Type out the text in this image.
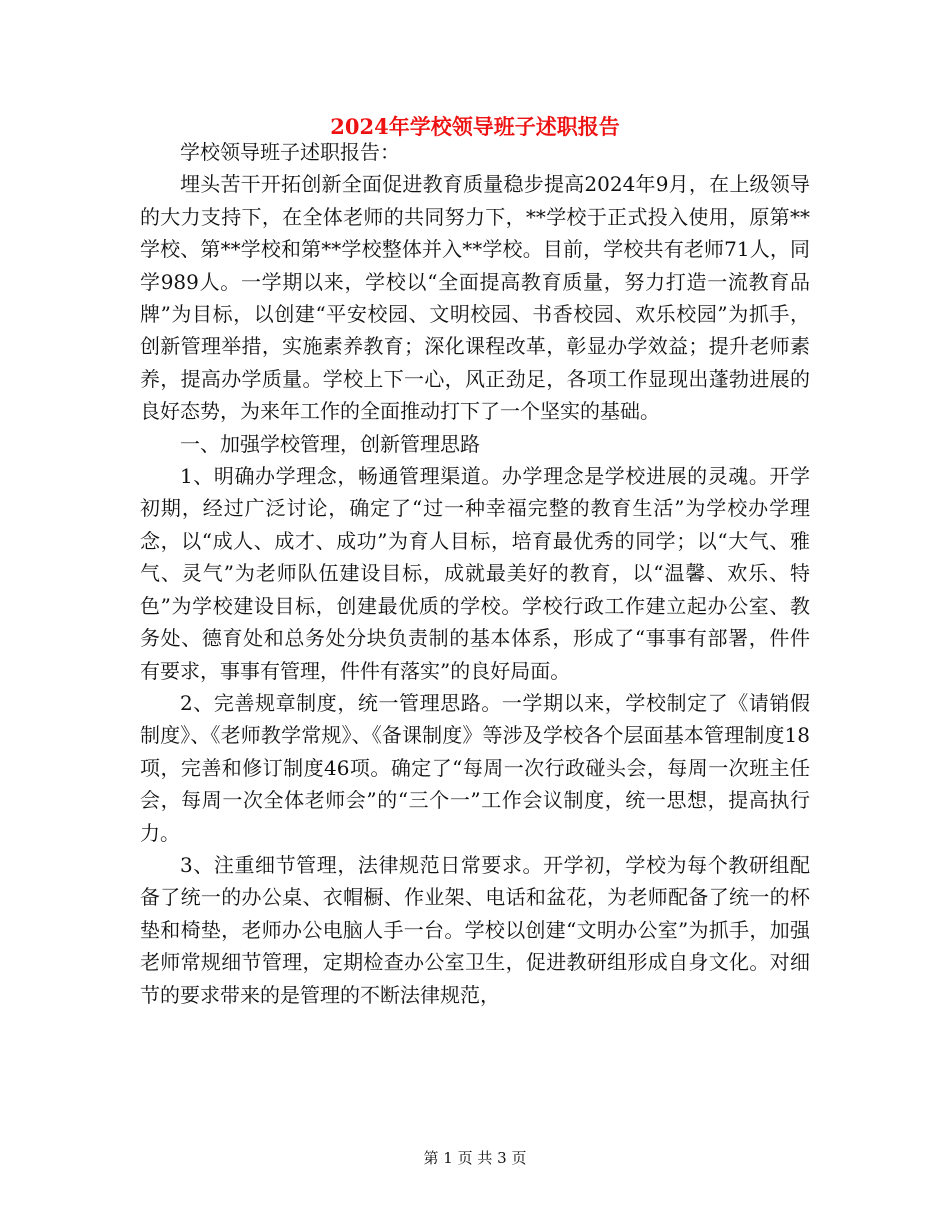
2024年学校领导班子述职报告

学校领导班子述职报告：

埋头苦干开拓创新全面促进教育质量稳步提高2024年9月，在上级领导的大力支持下，在全体老师的共同努力下，**学校于正式投入使用，原第**学校、第**学校和第**学校整体并入**学校。目前，学校共有老师71人，同学989人。一学期以来，学校以“全面提高教育质量，努力打造一流教育品牌”为目标，以创建“平安校园、文明校园、书香校园、欢乐校园”为抓手，创新管理举措，实施素养教育；深化课程改革，彰显办学效益；提升老师素养，提高办学质量。学校上下一心，风正劲足，各项工作显现出蓬勃进展的良好态势，为来年工作的全面推动打下了一个坚实的基础。

一、加强学校管理，创新管理思路

1、明确办学理念，畅通管理渠道。办学理念是学校进展的灵魂。开学初期，经过广泛讨论，确定了“过一种幸福完整的教育生活”为学校办学理念，以“成人、成才、成功”为育人目标，培育最优秀的同学；以“大气、雅气、灵气”为老师队伍建设目标，成就最美好的教育，以“温馨、欢乐、特色”为学校建设目标，创建最优质的学校。学校行政工作建立起办公室、教务处、德育处和总务处分块负责制的基本体系，形成了“事事有部署，件件有要求，事事有管理，件件有落实”的良好局面。

2、完善规章制度，统一管理思路。一学期以来，学校制定了《请销假制度》、《老师教学常规》、《备课制度》等涉及学校各个层面基本管理制度18项，完善和修订制度46项。确定了“每周一次行政碰头会，每周一次班主任会，每周一次全体老师会”的“三个一”工作会议制度，统一思想，提高执行力。

3、注重细节管理，法律规范日常要求。开学初，学校为每个教研组配备了统一的办公桌、衣帽橱、作业架、电话和盆花，为老师配备了统一的杯垫和椅垫，老师办公电脑人手一台。学校以创建“文明办公室”为抓手，加强老师常规细节管理，定期检查办公室卫生，促进教研组形成自身文化。对细节的要求带来的是管理的不断法律规范，

第 1 页 共 3 页
